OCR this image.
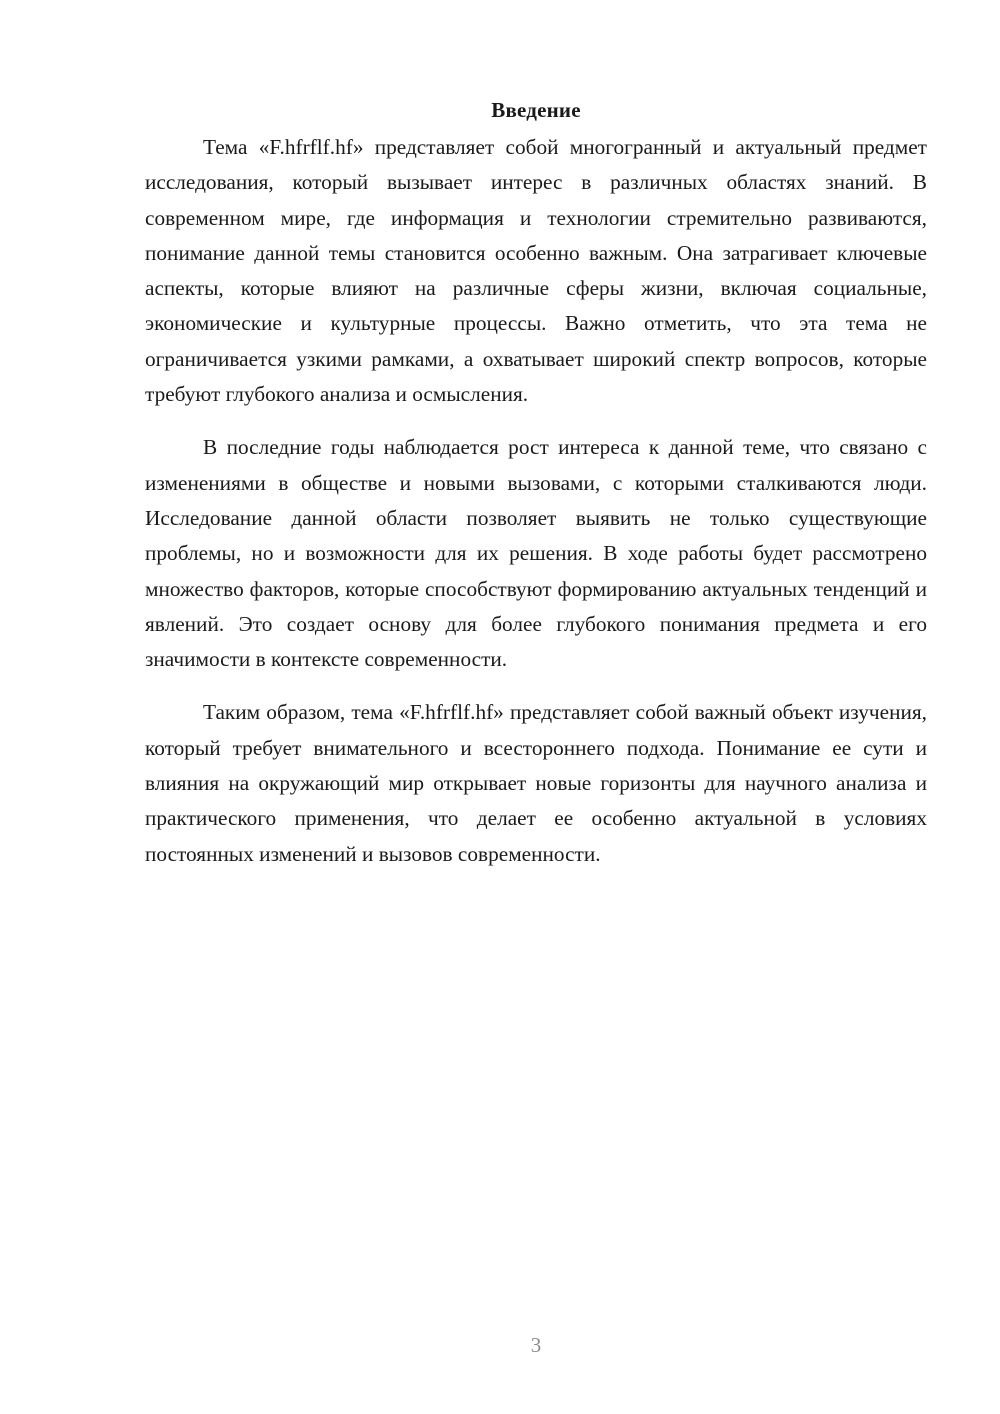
Введение

Тема «F.hfrflf.hf» представляет собой многогранный и актуальный предмет исследования, который вызывает интерес в различных областях знаний. В современном мире, где информация и технологии стремительно развиваются, понимание данной темы становится особенно важным. Она затрагивает ключевые аспекты, которые влияют на различные сферы жизни, включая социальные, экономические и культурные процессы. Важно отметить, что эта тема не ограничивается узкими рамками, а охватывает широкий спектр вопросов, которые требуют глубокого анализа и осмысления.

В последние годы наблюдается рост интереса к данной теме, что связано с изменениями в обществе и новыми вызовами, с которыми сталкиваются люди. Исследование данной области позволяет выявить не только существующие проблемы, но и возможности для их решения. В ходе работы будет рассмотрено множество факторов, которые способствуют формированию актуальных тенденций и явлений. Это создает основу для более глубокого понимания предмета и его значимости в контексте современности.

Таким образом, тема «F.hfrflf.hf» представляет собой важный объект изучения, который требует внимательного и всестороннего подхода. Понимание ее сути и влияния на окружающий мир открывает новые горизонты для научного анализа и практического применения, что делает ее особенно актуальной в условиях постоянных изменений и вызовов современности.

3
